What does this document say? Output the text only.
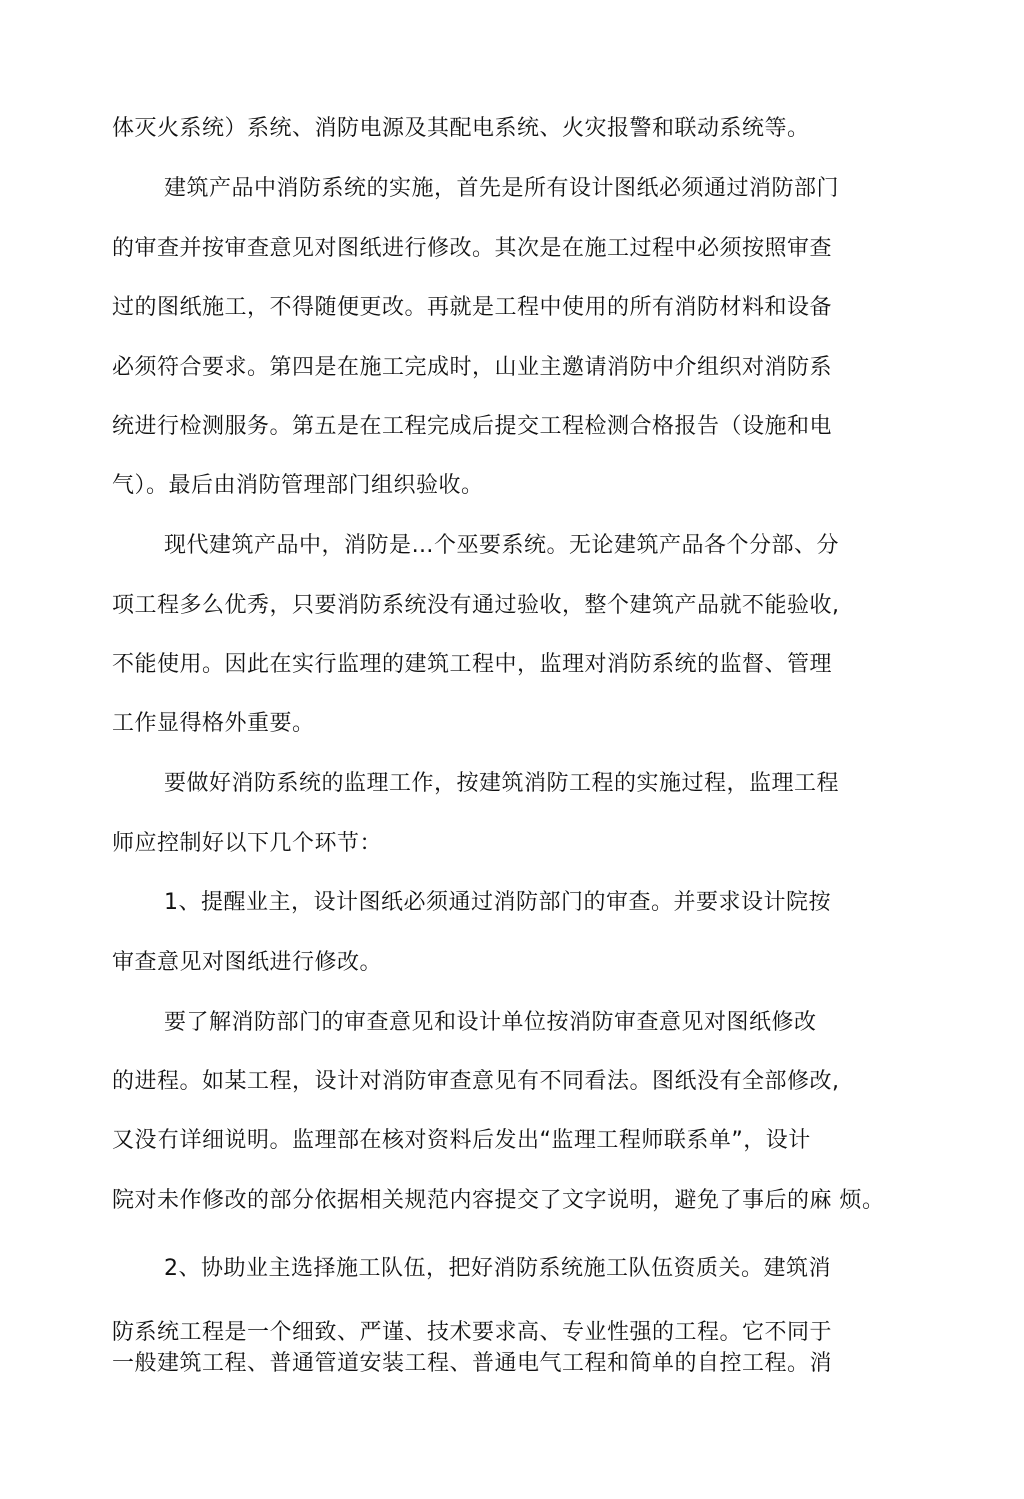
体灭火系统）系统、消防电源及其配电系统、火灾报警和联动系统等。
建筑产品中消防系统的实施，首先是所有设计图纸必须通过消防部门
的审查并按审查意见对图纸进行修改。其次是在施工过程中必须按照审查
过的图纸施工，不得随便更改。再就是工程中使用的所有消防材料和设备
必须符合要求。第四是在施工完成时，山业主邀请消防中介组织对消防系
统进行检测服务。第五是在工程完成后提交工程检测合格报告（设施和电
气）。最后由消防管理部门组织验收。
现代建筑产品中，消防是…个巫要系统。无论建筑产品各个分部、分
项工程多么优秀，只要消防系统没有通过验收，整个建筑产品就不能验收,
不能使用。因此在实行监理的建筑工程中，监理对消防系统的监督、管理
工作显得格外重要。
要做好消防系统的监理工作，按建筑消防工程的实施过程，监理工程
师应控制好以下几个环节：
1、提醒业主，设计图纸必须通过消防部门的审查。并要求设计院按
审查意见对图纸进行修改。
要了解消防部门的审查意见和设计单位按消防审查意见对图纸修改
的进程。如某工程，设计对消防审查意见有不同看法。图纸没有全部修改,
又没冇详细说明。监理部在核对资料后发出“监理工程师联系单”，设计
院对未作修改的部分依据相关规范内容提交了文字说明，避免了事后的麻 烦。
2、协助业主选择施工队伍，把好消防系统施工队伍资质关。建筑消
防系统工程是一个细致、严谨、技术要求高、专业性强的工程。它不同于
一般建筑工程、普通管道安装工程、普通电气工程和简单的自控工程。消
